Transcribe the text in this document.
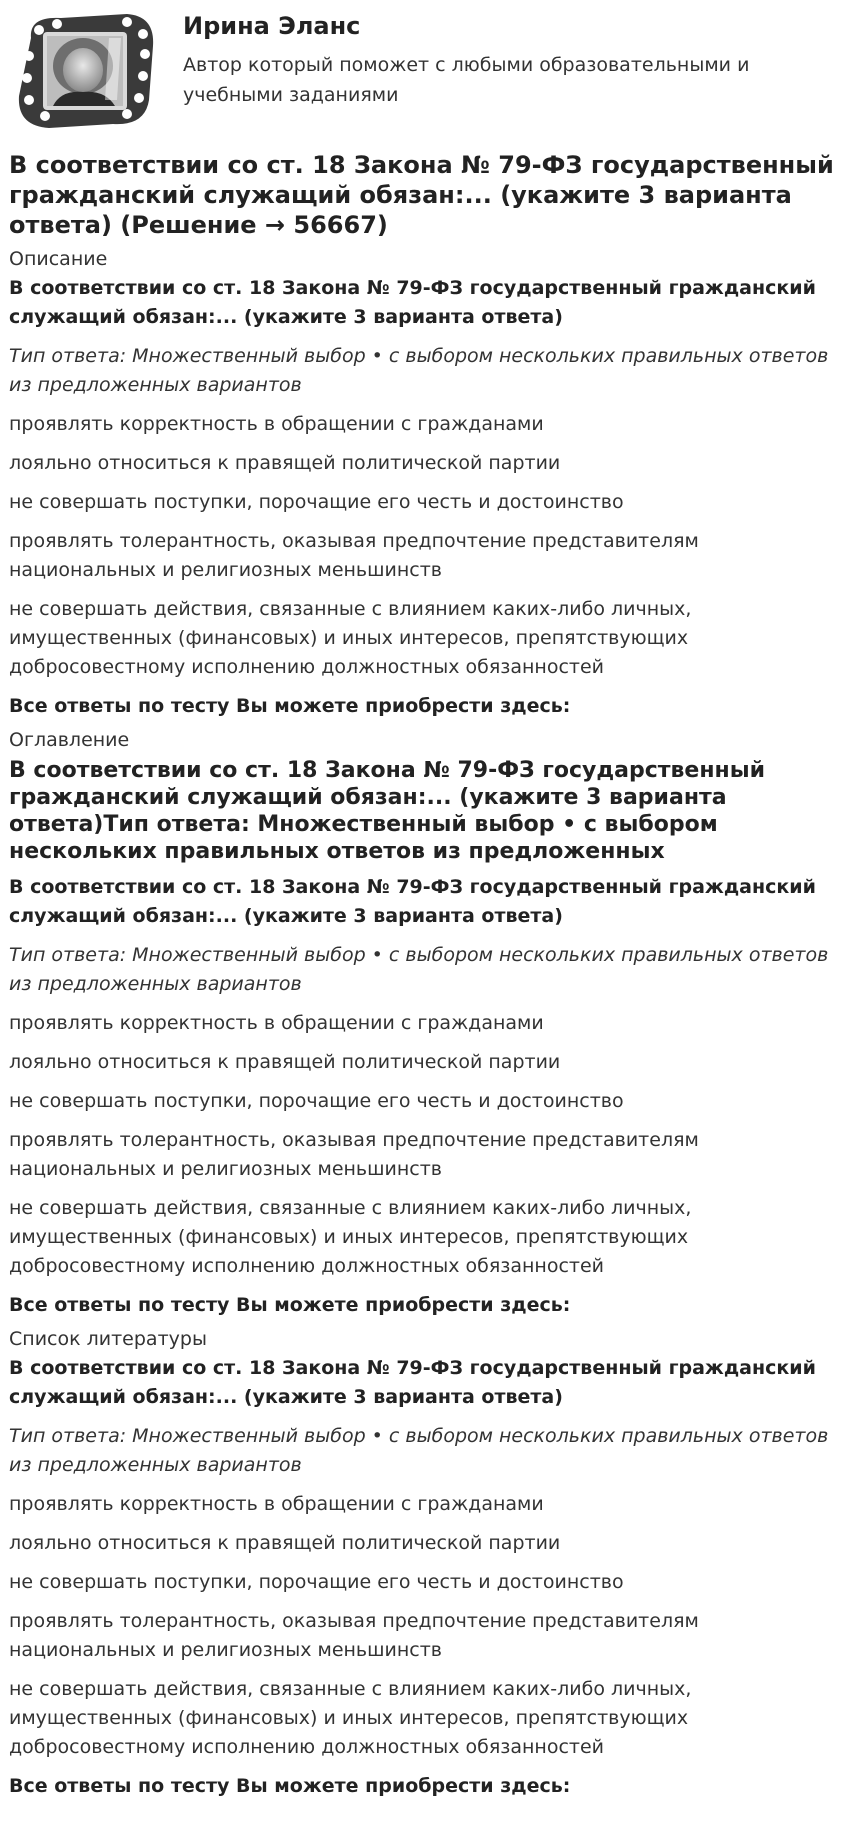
Ирина Эланс
Автор который поможет с любыми образовательными и учебными заданиями
В соответствии со ст. 18 Закона № 79-ФЗ государственный гражданский служащий обязан:... (укажите 3 варианта ответа) (Решение → 56667)
Описание
В соответствии со ст. 18 Закона № 79-ФЗ государственный гражданский служащий обязан:... (укажите 3 варианта ответа)
Тип ответа: Множественный выбор • с выбором нескольких правильных ответов из предложенных вариантов
проявлять корректность в обращении с гражданами
лояльно относиться к правящей политической партии
не совершать поступки, порочащие его честь и достоинство
проявлять толерантность, оказывая предпочтение представителям национальных и религиозных меньшинств
не совершать действия, связанные с влиянием каких-либо личных, имущественных (финансовых) и иных интересов, препятствующих добросовестному исполнению должностных обязанностей
Все ответы по тесту Вы можете приобрести здесь:
Оглавление
В соответствии со ст. 18 Закона № 79-ФЗ государственный гражданский служащий обязан:... (укажите 3 варианта ответа)Тип ответа: Множественный выбор • с выбором нескольких правильных ответов из предложенных
В соответствии со ст. 18 Закона № 79-ФЗ государственный гражданский служащий обязан:... (укажите 3 варианта ответа)
Тип ответа: Множественный выбор • с выбором нескольких правильных ответов из предложенных вариантов
проявлять корректность в обращении с гражданами
лояльно относиться к правящей политической партии
не совершать поступки, порочащие его честь и достоинство
проявлять толерантность, оказывая предпочтение представителям национальных и религиозных меньшинств
не совершать действия, связанные с влиянием каких-либо личных, имущественных (финансовых) и иных интересов, препятствующих добросовестному исполнению должностных обязанностей
Все ответы по тесту Вы можете приобрести здесь:
Список литературы
В соответствии со ст. 18 Закона № 79-ФЗ государственный гражданский служащий обязан:... (укажите 3 варианта ответа)
Тип ответа: Множественный выбор • с выбором нескольких правильных ответов из предложенных вариантов
проявлять корректность в обращении с гражданами
лояльно относиться к правящей политической партии
не совершать поступки, порочащие его честь и достоинство
проявлять толерантность, оказывая предпочтение представителям национальных и религиозных меньшинств
не совершать действия, связанные с влиянием каких-либо личных, имущественных (финансовых) и иных интересов, препятствующих добросовестному исполнению должностных обязанностей
Все ответы по тесту Вы можете приобрести здесь:
